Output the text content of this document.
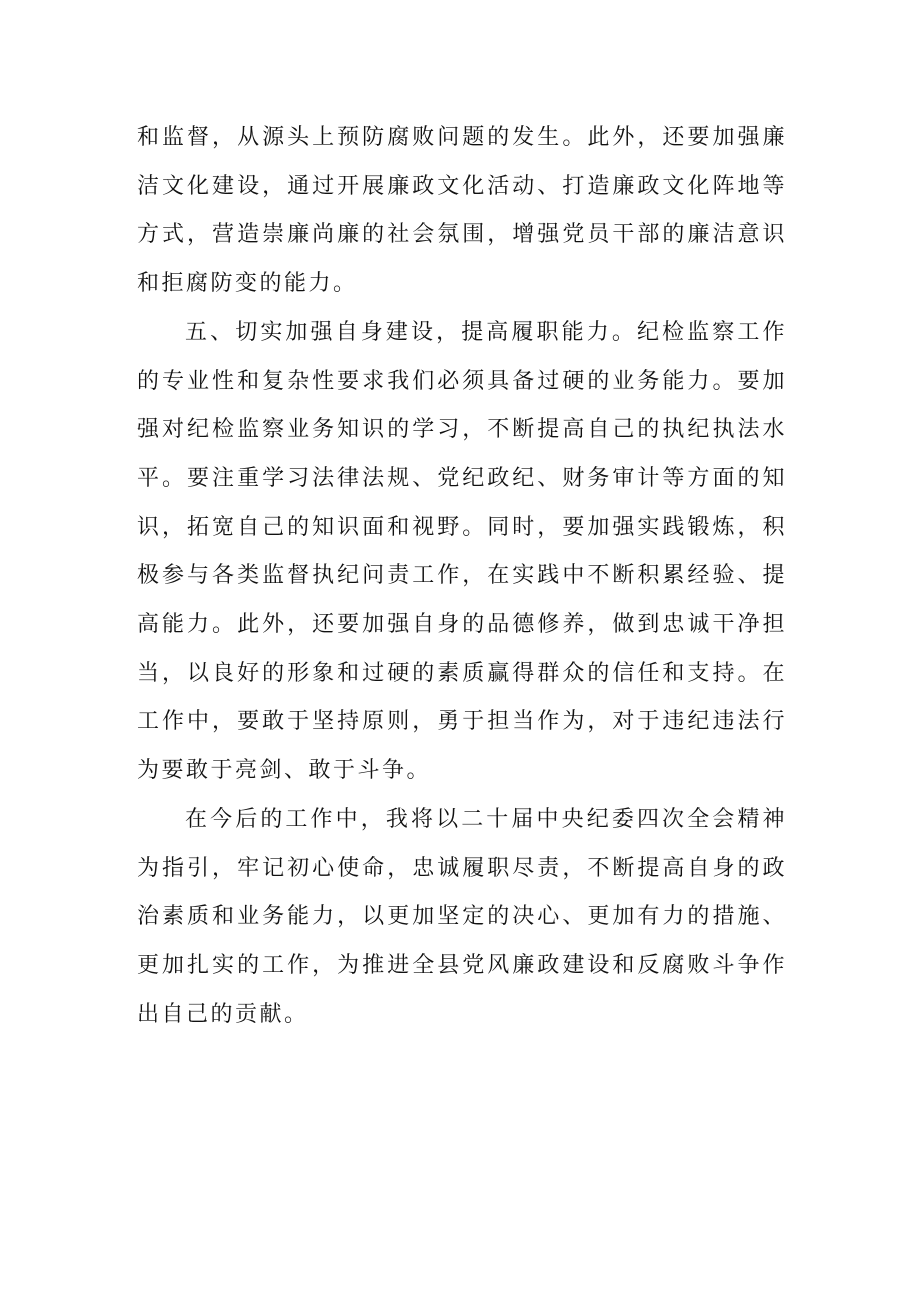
和监督，从源头上预防腐败问题的发生。此外，还要加强廉洁文化建设，通过开展廉政文化活动、打造廉政文化阵地等方式，营造崇廉尚廉的社会氛围，增强党员干部的廉洁意识和拒腐防变的能力。

五、切实加强自身建设，提高履职能力。纪检监察工作的专业性和复杂性要求我们必须具备过硬的业务能力。要加强对纪检监察业务知识的学习，不断提高自己的执纪执法水平。要注重学习法律法规、党纪政纪、财务审计等方面的知识，拓宽自己的知识面和视野。同时，要加强实践锻炼，积极参与各类监督执纪问责工作，在实践中不断积累经验、提高能力。此外，还要加强自身的品德修养，做到忠诚干净担当，以良好的形象和过硬的素质赢得群众的信任和支持。在工作中，要敢于坚持原则，勇于担当作为，对于违纪违法行为要敢于亮剑、敢于斗争。

在今后的工作中，我将以二十届中央纪委四次全会精神为指引，牢记初心使命，忠诚履职尽责，不断提高自身的政治素质和业务能力，以更加坚定的决心、更加有力的措施、更加扎实的工作，为推进全县党风廉政建设和反腐败斗争作出自己的贡献。
